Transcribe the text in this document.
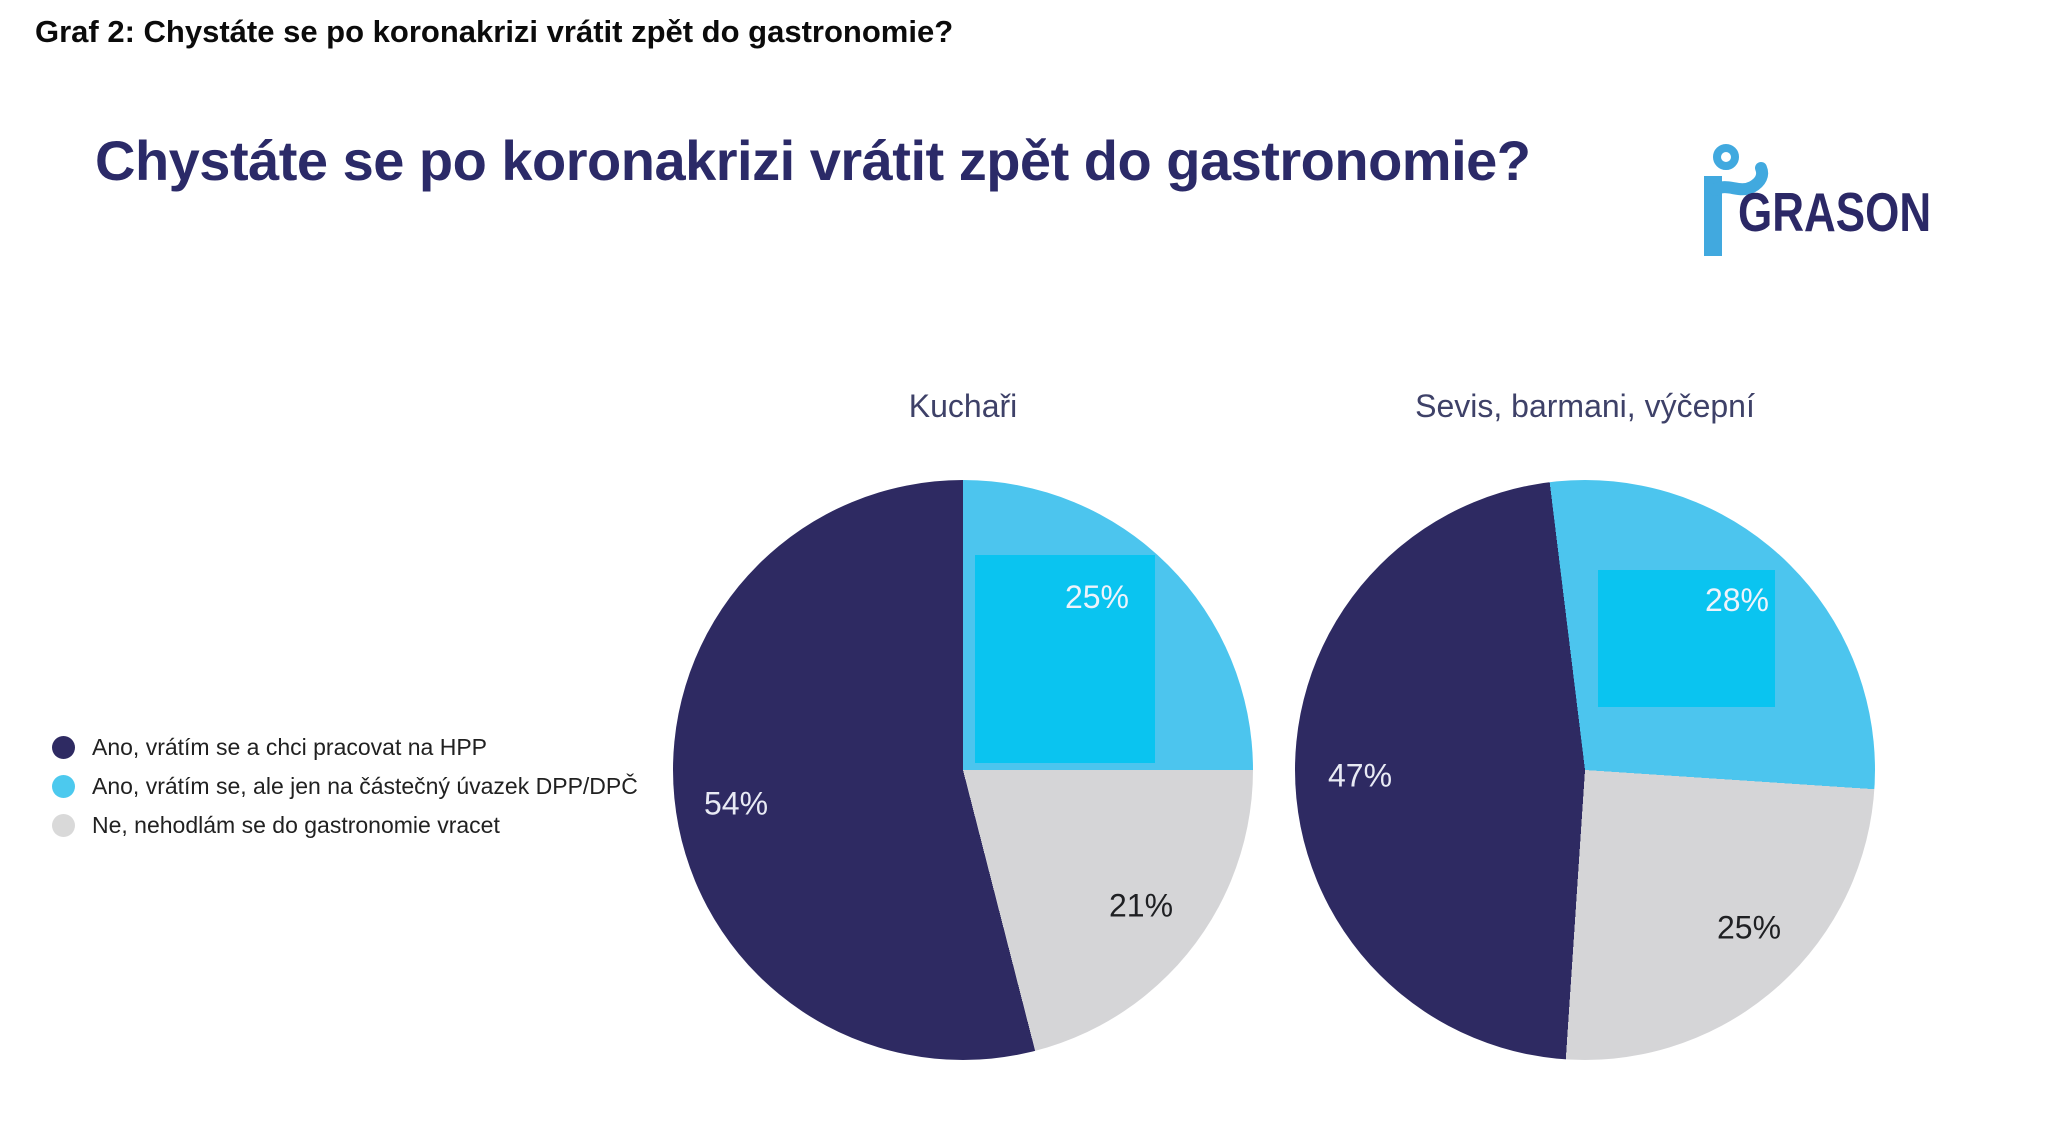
Graf 2: Chystáte se po koronakrizi vrátit zpět do gastronomie?
Chystáte se po koronakrizi vrátit zpět do gastronomie?
GRASON
Ano, vrátím se a chci pracovat na HPP
Ano, vrátím se, ale jen na částečný úvazek DPP/DPČ
Ne, nehodlám se do gastronomie vracet
Kuchaři	Sevis, barmani, výčepní
25%
54%
21%
28%
47%
25%
